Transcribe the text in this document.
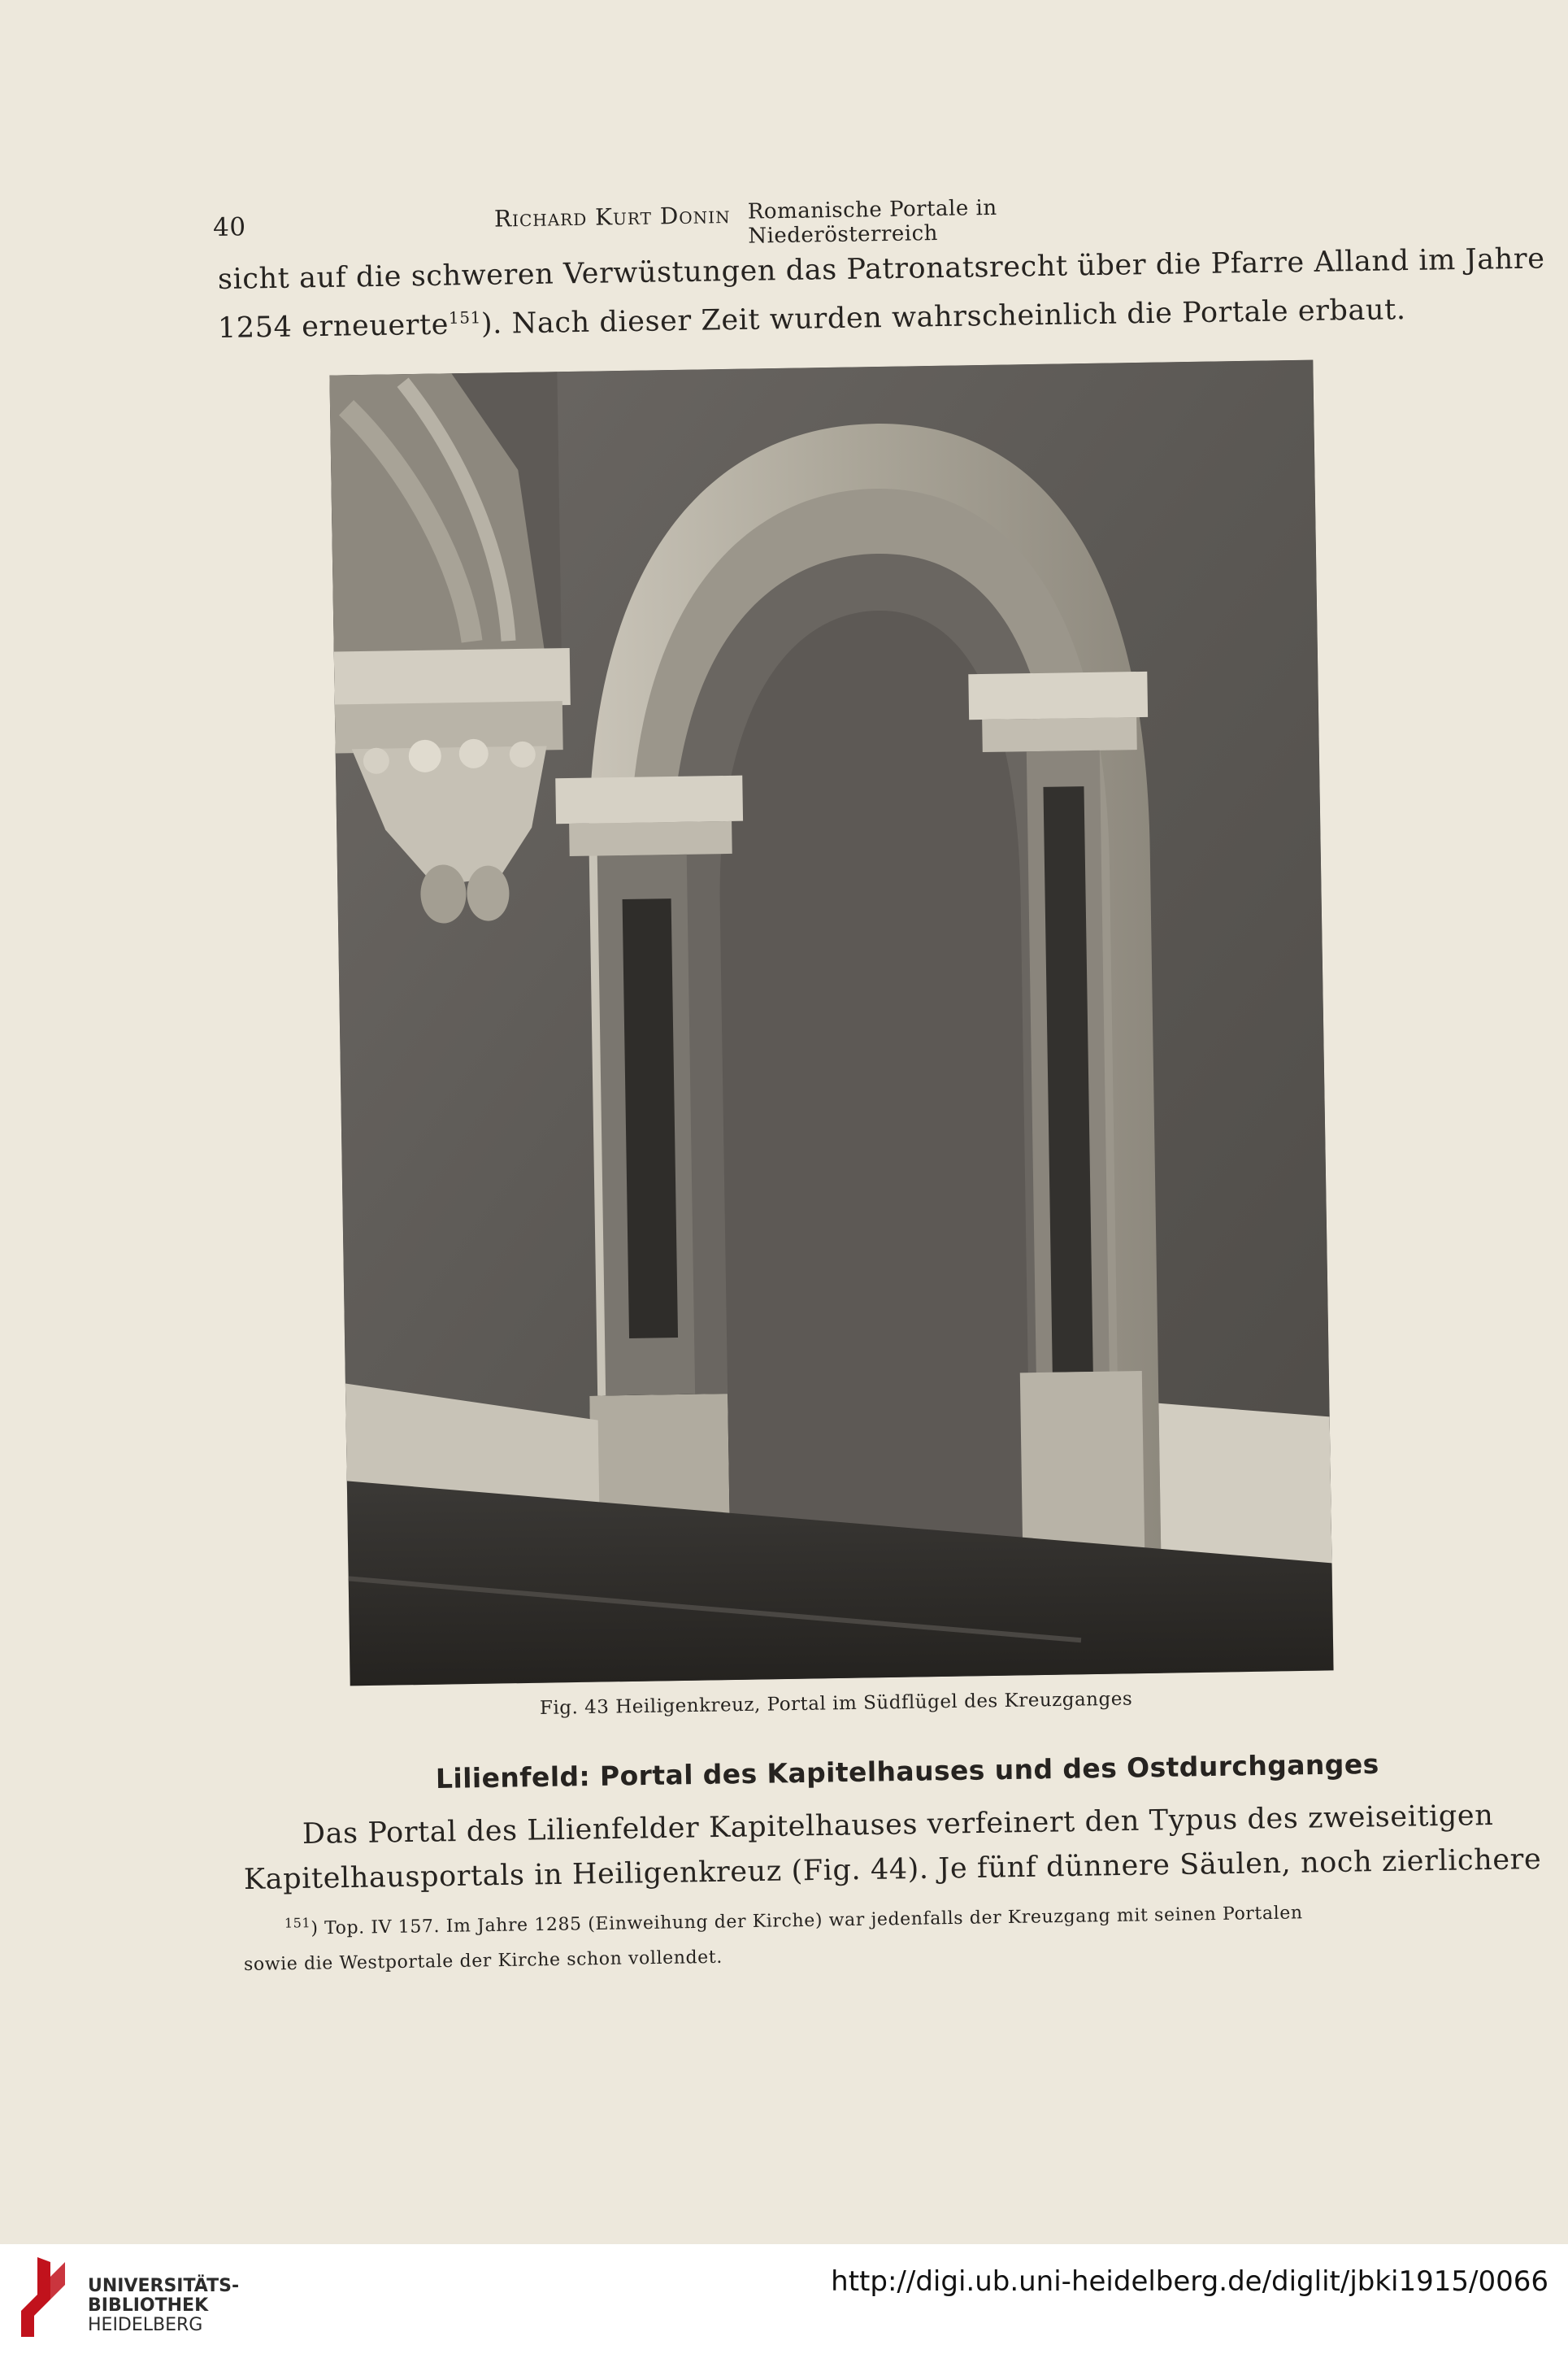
40	Richard Kurt Donin Romanische Portale in Niederösterreich
sicht auf die schweren Verwüstungen das Patronatsrecht über die Pfarre Alland im Jahre
1254 erneuerte$^{151}$). Nach dieser Zeit wurden wahrscheinlich die Portale erbaut.
Fig. 43 Heiligenkreuz, Portal im Südflügel des Kreuzganges
Lilienfeld: Portal des Kapitelhauses und des Ostdurchganges
Das Portal des Lilienfelder Kapitelhauses verfeinert den Typus des zweiseitigen
Kapitelhausportals in Heiligenkreuz (Fig. 44). Je fünf dünnere Säulen, noch zierlichere
$^{151}$) Top. IV 157. Im Jahre 1285 (Einweihung der Kirche) war jedenfalls der Kreuzgang mit seinen Portalen
sowie die Westportale der Kirche schon vollendet.
UNIVERSITÄTS-
BIBLIOTHEK
HEIDELBERG
http://digi.ub.uni-heidelberg.de/diglit/jbki1915/0066
